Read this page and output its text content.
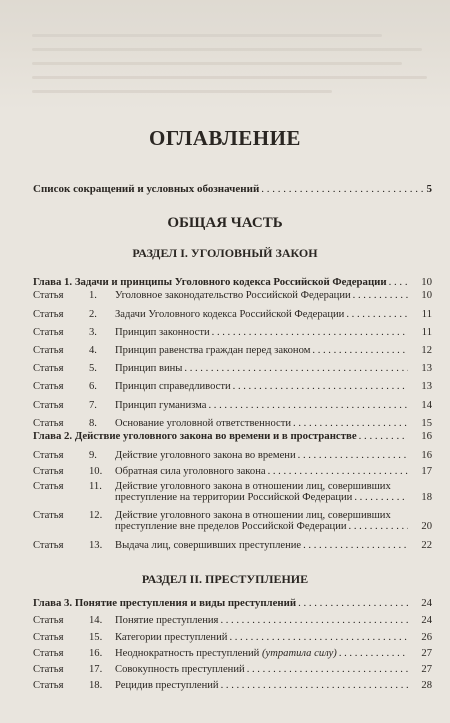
ОГЛАВЛЕНИЕ
Список сокращений и условных обозначений . . .	5
ОБЩАЯ ЧАСТЬ
РАЗДЕЛ I. УГОЛОВНЫЙ ЗАКОН
Глава 1. Задачи и принципы Уголовного кодекса Российской Федерации . . .	10
Статья	1.	Уголовное законодательство Российской Федерации . . .	10
Статья	2.	Задачи Уголовного кодекса Российской Федерации . . .	11
Статья	3.	Принцип законности . . .	11
Статья	4.	Принцип равенства граждан перед законом . . .	12
Статья	5.	Принцип вины . . .	13
Статья	6.	Принцип справедливости . . .	13
Статья	7.	Принцип гуманизма . . .	14
Статья	8.	Основание уголовной ответственности . . .	15
Глава 2. Действие уголовного закона во времени и в пространстве . . .	16
Статья	9.	Действие уголовного закона во времени . . .	16
Статья	10.	Обратная сила уголовного закона . . .	17
Статья	11.	Действие уголовного закона в отношении лиц, совершивших
преступление на территории Российской Федерации . . .	18
Статья	12.	Действие уголовного закона в отношении лиц, совершивших
преступление вне пределов Российской Федерации . . .	20
Статья	13.	Выдача лиц, совершивших преступление . . .	22
РАЗДЕЛ II. ПРЕСТУПЛЕНИЕ
Глава 3. Понятие преступления и виды преступлений . . .	24
Статья	14.	Понятие преступления . . .	24
Статья	15.	Категории преступлений . . .	26
Статья	16.	Неоднократность преступлений
(утратила силу) . . .	27
Статья	17.	Совокупность преступлений . . .	27
Статья	18.	Рецидив преступлений . . .	28
